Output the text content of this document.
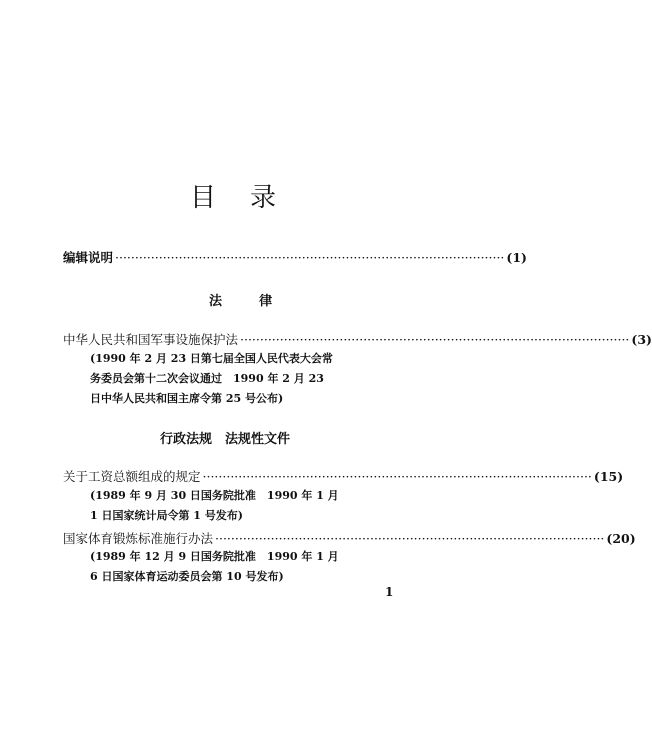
目 录
编辑说明 ·································································································· (1)
法	律
中华人民共和国军事设施保护法 ·································································································· (3)
(1990 年 2 月 23 日第七届全国人民代表大会常
务委员会第十二次会议通过　1990 年 2 月 23
日中华人民共和国主席令第 25 号公布)
行政法规　法规性文件
关于工资总额组成的规定 ·································································································· (15)
(1989 年 9 月 30 日国务院批准　1990 年 1 月
1 日国家统计局令第 1 号发布)
国家体育锻炼标准施行办法 ·································································································· (20)
(1989 年 12 月 9 日国务院批准　1990 年 1 月
6 日国家体育运动委员会第 10 号发布)
1
